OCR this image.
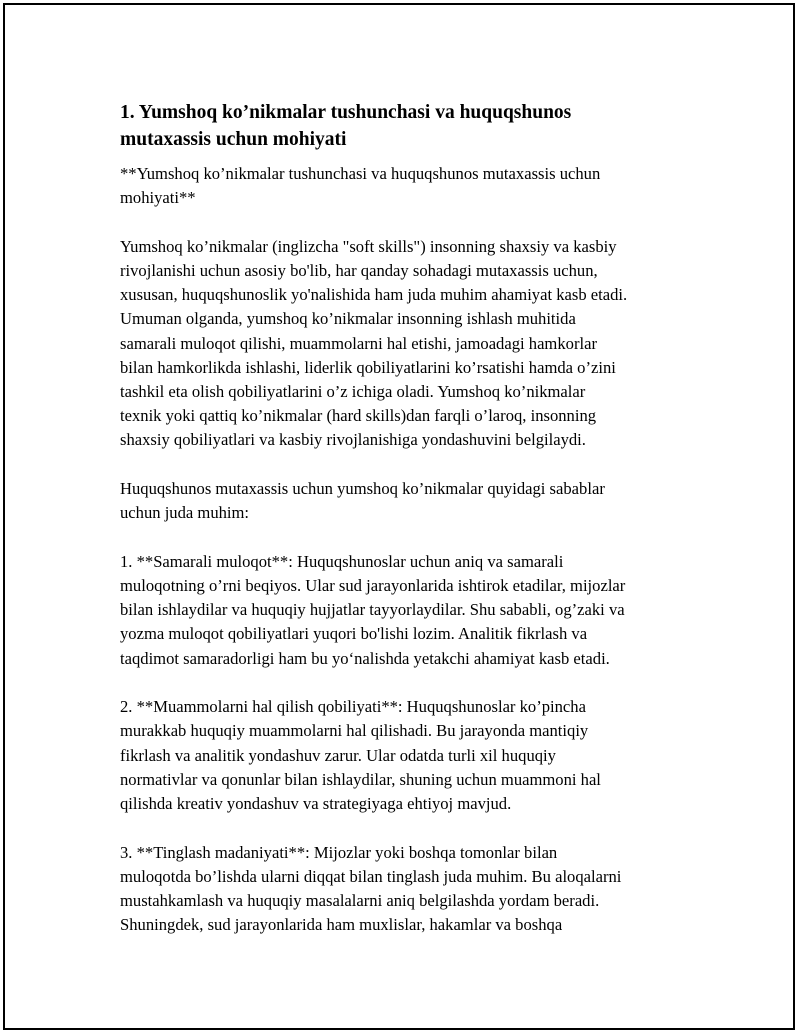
1. Yumshoq ko’nikmalar tushunchasi va huquqshunos
mutaxassis uchun mohiyati

**Yumshoq ko’nikmalar tushunchasi va huquqshunos mutaxassis uchun
mohiyati**

Yumshoq ko’nikmalar (inglizcha "soft skills") insonning shaxsiy va kasbiy
rivojlanishi uchun asosiy bo'lib, har qanday sohadagi mutaxassis uchun,
xususan, huquqshunoslik yo'nalishida ham juda muhim ahamiyat kasb etadi.
Umuman olganda, yumshoq ko’nikmalar insonning ishlash muhitida
samarali muloqot qilishi, muammolarni hal etishi, jamoadagi hamkorlar
bilan hamkorlikda ishlashi, liderlik qobiliyatlarini ko’rsatishi hamda o’zini
tashkil eta olish qobiliyatlarini o’z ichiga oladi. Yumshoq ko’nikmalar
texnik yoki qattiq ko’nikmalar (hard skills)dan farqli o’laroq, insonning
shaxsiy qobiliyatlari va kasbiy rivojlanishiga yondashuvini belgilaydi.

Huquqshunos mutaxassis uchun yumshoq ko’nikmalar quyidagi sabablar
uchun juda muhim:

1. **Samarali muloqot**: Huquqshunoslar uchun aniq va samarali
muloqotning o’rni beqiyos. Ular sud jarayonlarida ishtirok etadilar, mijozlar
bilan ishlaydilar va huquqiy hujjatlar tayyorlaydilar. Shu sababli, og’zaki va
yozma muloqot qobiliyatlari yuqori bo'lishi lozim. Analitik fikrlash va
taqdimot samaradorligi ham bu yo‘nalishda yetakchi ahamiyat kasb etadi.

2. **Muammolarni hal qilish qobiliyati**: Huquqshunoslar ko’pincha
murakkab huquqiy muammolarni hal qilishadi. Bu jarayonda mantiqiy
fikrlash va analitik yondashuv zarur. Ular odatda turli xil huquqiy
normativlar va qonunlar bilan ishlaydilar, shuning uchun muammoni hal
qilishda kreativ yondashuv va strategiyaga ehtiyoj mavjud.

3. **Tinglash madaniyati**: Mijozlar yoki boshqa tomonlar bilan
muloqotda bo’lishda ularni diqqat bilan tinglash juda muhim. Bu aloqalarni
mustahkamlash va huquqiy masalalarni aniq belgilashda yordam beradi.
Shuningdek, sud jarayonlarida ham muxlislar, hakamlar va boshqa
